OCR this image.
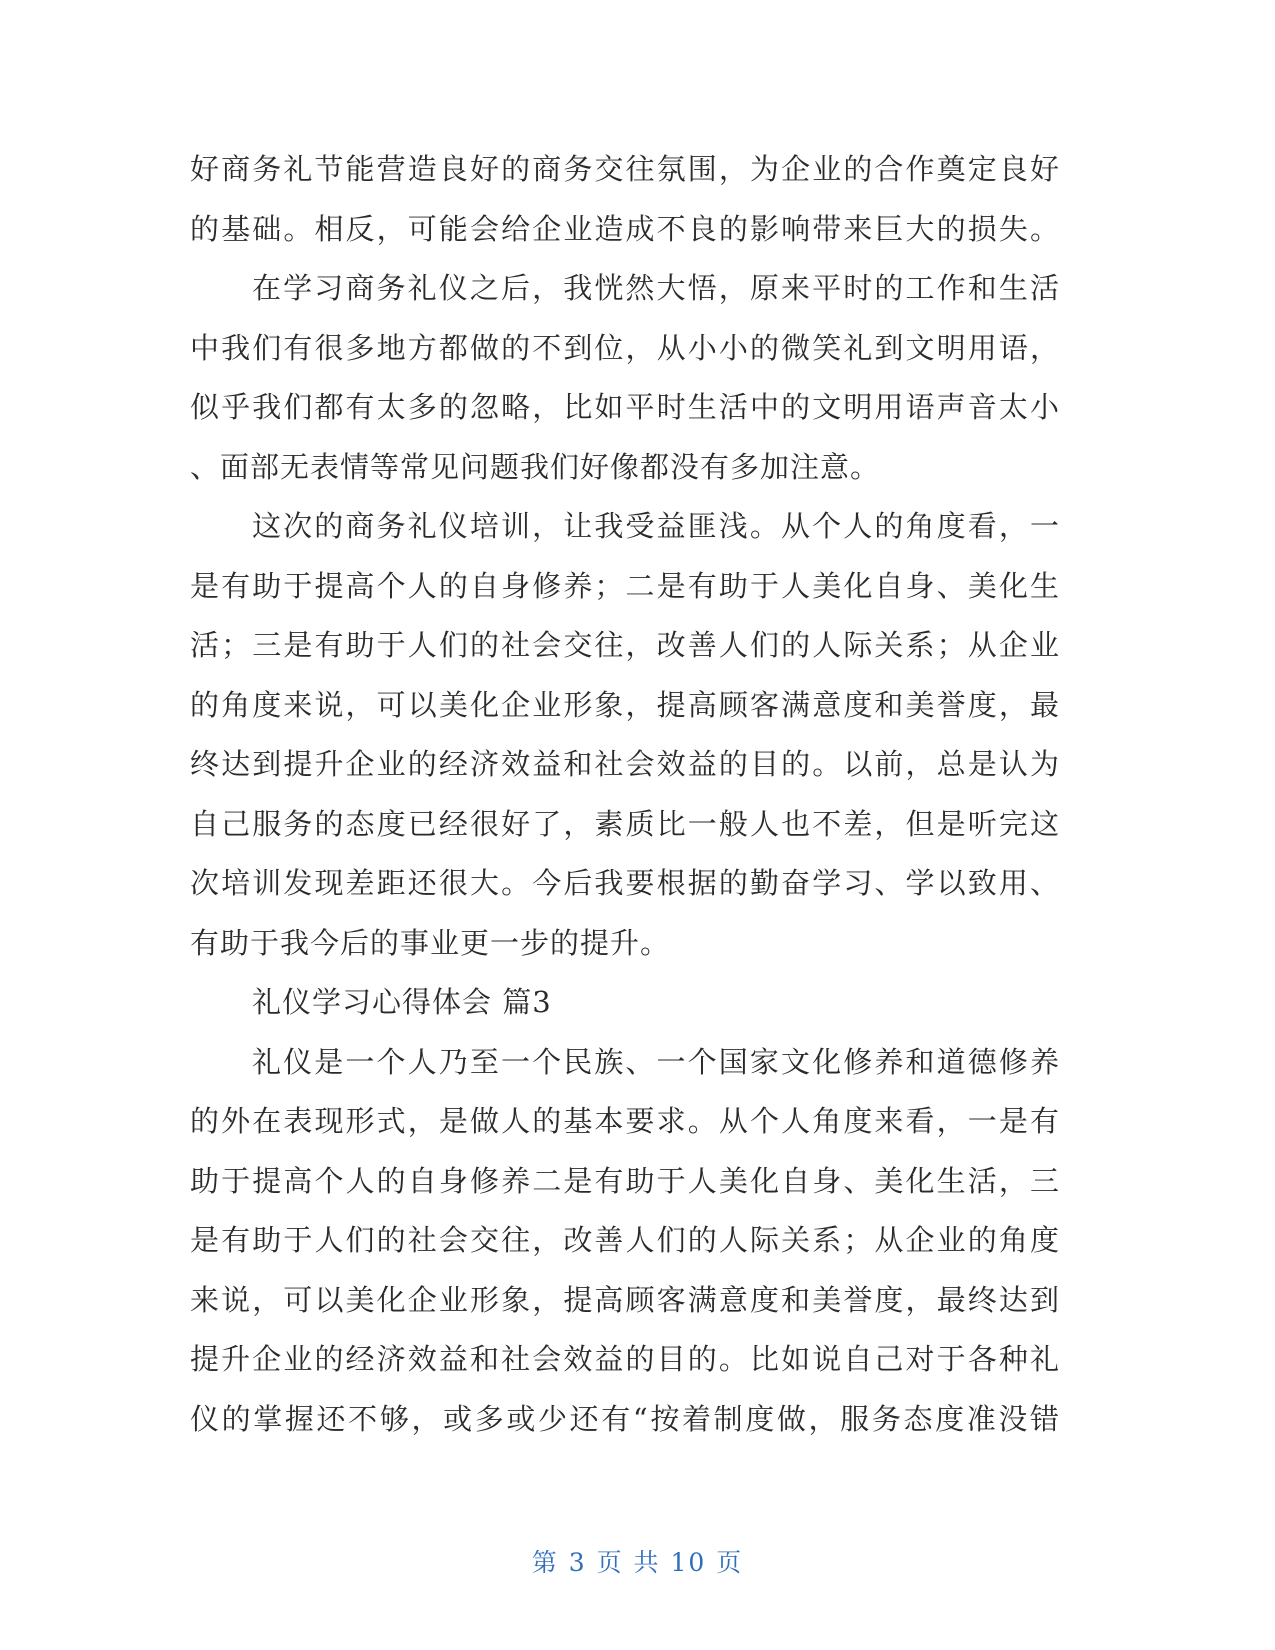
好商务礼节能营造良好的商务交往氛围，为企业的合作奠定良好
的基础。相反，可能会给企业造成不良的影响带来巨大的损失。
在学习商务礼仪之后，我恍然大悟，原来平时的工作和生活
中我们有很多地方都做的不到位，从小小的微笑礼到文明用语，
似乎我们都有太多的忽略，比如平时生活中的文明用语声音太小
、面部无表情等常见问题我们好像都没有多加注意。
这次的商务礼仪培训，让我受益匪浅。从个人的角度看，一
是有助于提高个人的自身修养；二是有助于人美化自身、美化生
活；三是有助于人们的社会交往，改善人们的人际关系；从企业
的角度来说，可以美化企业形象，提高顾客满意度和美誉度，最
终达到提升企业的经济效益和社会效益的目的。以前，总是认为
自己服务的态度已经很好了，素质比一般人也不差，但是听完这
次培训发现差距还很大。今后我要根据的勤奋学习、学以致用、
有助于我今后的事业更一步的提升。
礼仪学习心得体会 篇3
礼仪是一个人乃至一个民族、一个国家文化修养和道德修养
的外在表现形式，是做人的基本要求。从个人角度来看，一是有
助于提高个人的自身修养二是有助于人美化自身、美化生活，三
是有助于人们的社会交往，改善人们的人际关系；从企业的角度
来说，可以美化企业形象，提高顾客满意度和美誉度，最终达到
提升企业的经济效益和社会效益的目的。比如说自己对于各种礼
仪的掌握还不够，或多或少还有“按着制度做，服务态度准没错
第 3 页 共 10 页
